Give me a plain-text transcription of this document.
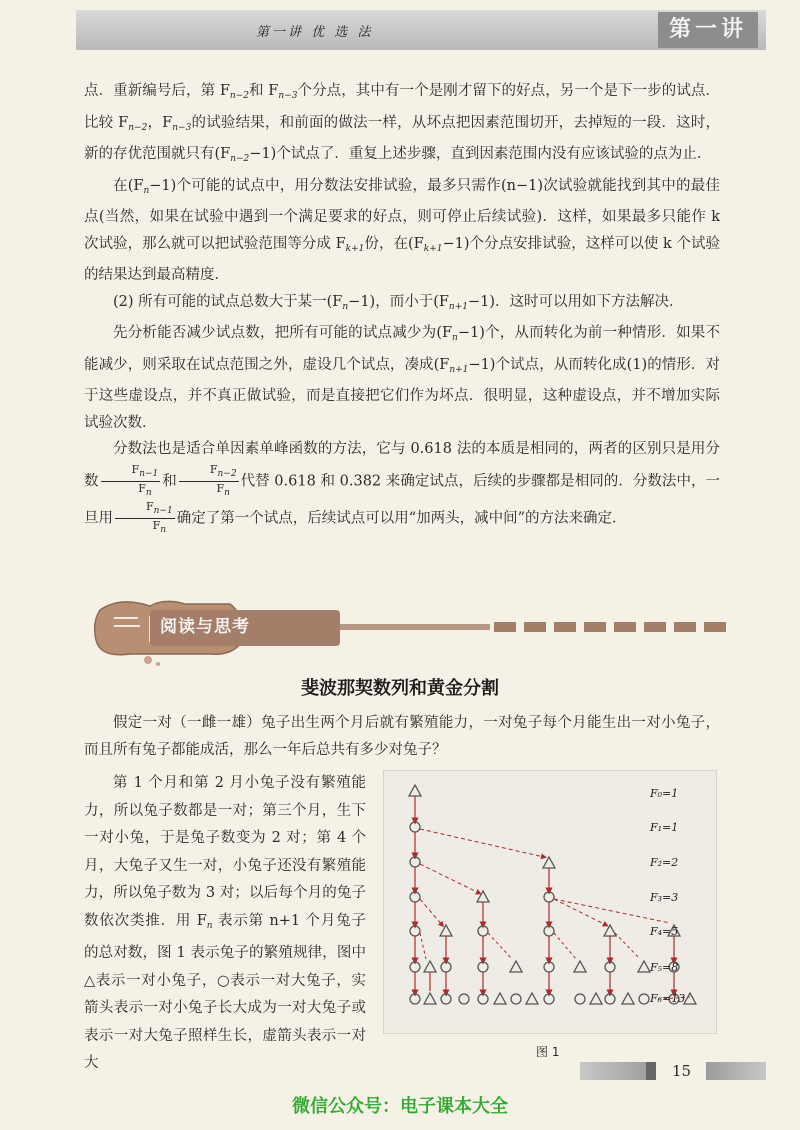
第一讲 优 选 法	第一讲

点．重新编号后，第 $F_{n-2}$和 $F_{n-3}$个分点，其中有一个是刚才留下的好点，另一个是下一步的试点．比较 $F_{n-2}$，$F_{n-3}$的试验结果，和前面的做法一样，从坏点把因素范围切开，去掉短的一段．这时，新的存优范围就只有$(F_{n-2}-1)$个试点了．重复上述步骤，直到因素范围内没有应该试验的点为止．

在$(F_n-1)$个可能的试点中，用分数法安排试验，最多只需作(n−1)次试验就能找到其中的最佳点(当然，如果在试验中遇到一个满足要求的好点，则可停止后续试验)．这样，如果最多只能作 k 次试验，那么就可以把试验范围等分成 $F_{k+1}$份，在$(F_{k+1}-1)$个分点安排试验，这样可以使 k 个试验的结果达到最高精度．

(2) 所有可能的试点总数大于某一$(F_n-1)$，而小于$(F_{n+1}-1)$．这时可以用如下方法解决．

先分析能否减少试点数，把所有可能的试点减少为$(F_n-1)$个，从而转化为前一种情形．如果不能减少，则采取在试点范围之外，虚设几个试点，凑成$(F_{n+1}-1)$个试点，从而转化成(1)的情形．对于这些虚设点，并不真正做试验，而是直接把它们作为坏点．很明显，这种虚设点，并不增加实际试验次数．

分数法也是适合单因素单峰函数的方法，它与 0.618 法的本质是相同的，两者的区别只是用分数 $\frac{F_{n-1}}{F_n}$ 和 $\frac{F_{n-2}}{F_n}$ 代替 0.618 和 0.382 来确定试点，后续的步骤都是相同的．分数法中，一旦用 $\frac{F_{n-1}}{F_n}$ 确定了第一个试点，后续试点可以用“加两头，减中间”的方法来确定．

阅读与思考
斐波那契数列和黄金分割

假定一对（一雌一雄）兔子出生两个月后就有繁殖能力，一对兔子每个月能生出一对小兔子，而且所有兔子都能成活，那么一年后总共有多少对兔子？

第 1 个月和第 2 月小兔子没有繁殖能力，所以兔子数都是一对；第三个月，生下一对小兔，于是兔子数变为 2 对；第 4 个月，大兔子又生一对，小兔子还没有繁殖能力，所以兔子数为 3 对；以后每个月的兔子数依次类推．用 $F_n$ 表示第 n+1 个月兔子的总对数，图 1 表示兔子的繁殖规律，图中△表示一对小兔子，○表示一对大兔子，实箭头表示一对小兔子长大成为一对大兔子或表示一对大兔子照样生长，虚箭头表示一对大

F₀=1
F₁=1
F₂=2
F₃=3
F₄=5
F₅=8
F₆=13
图 1
15
微信公众号：电子课本大全
